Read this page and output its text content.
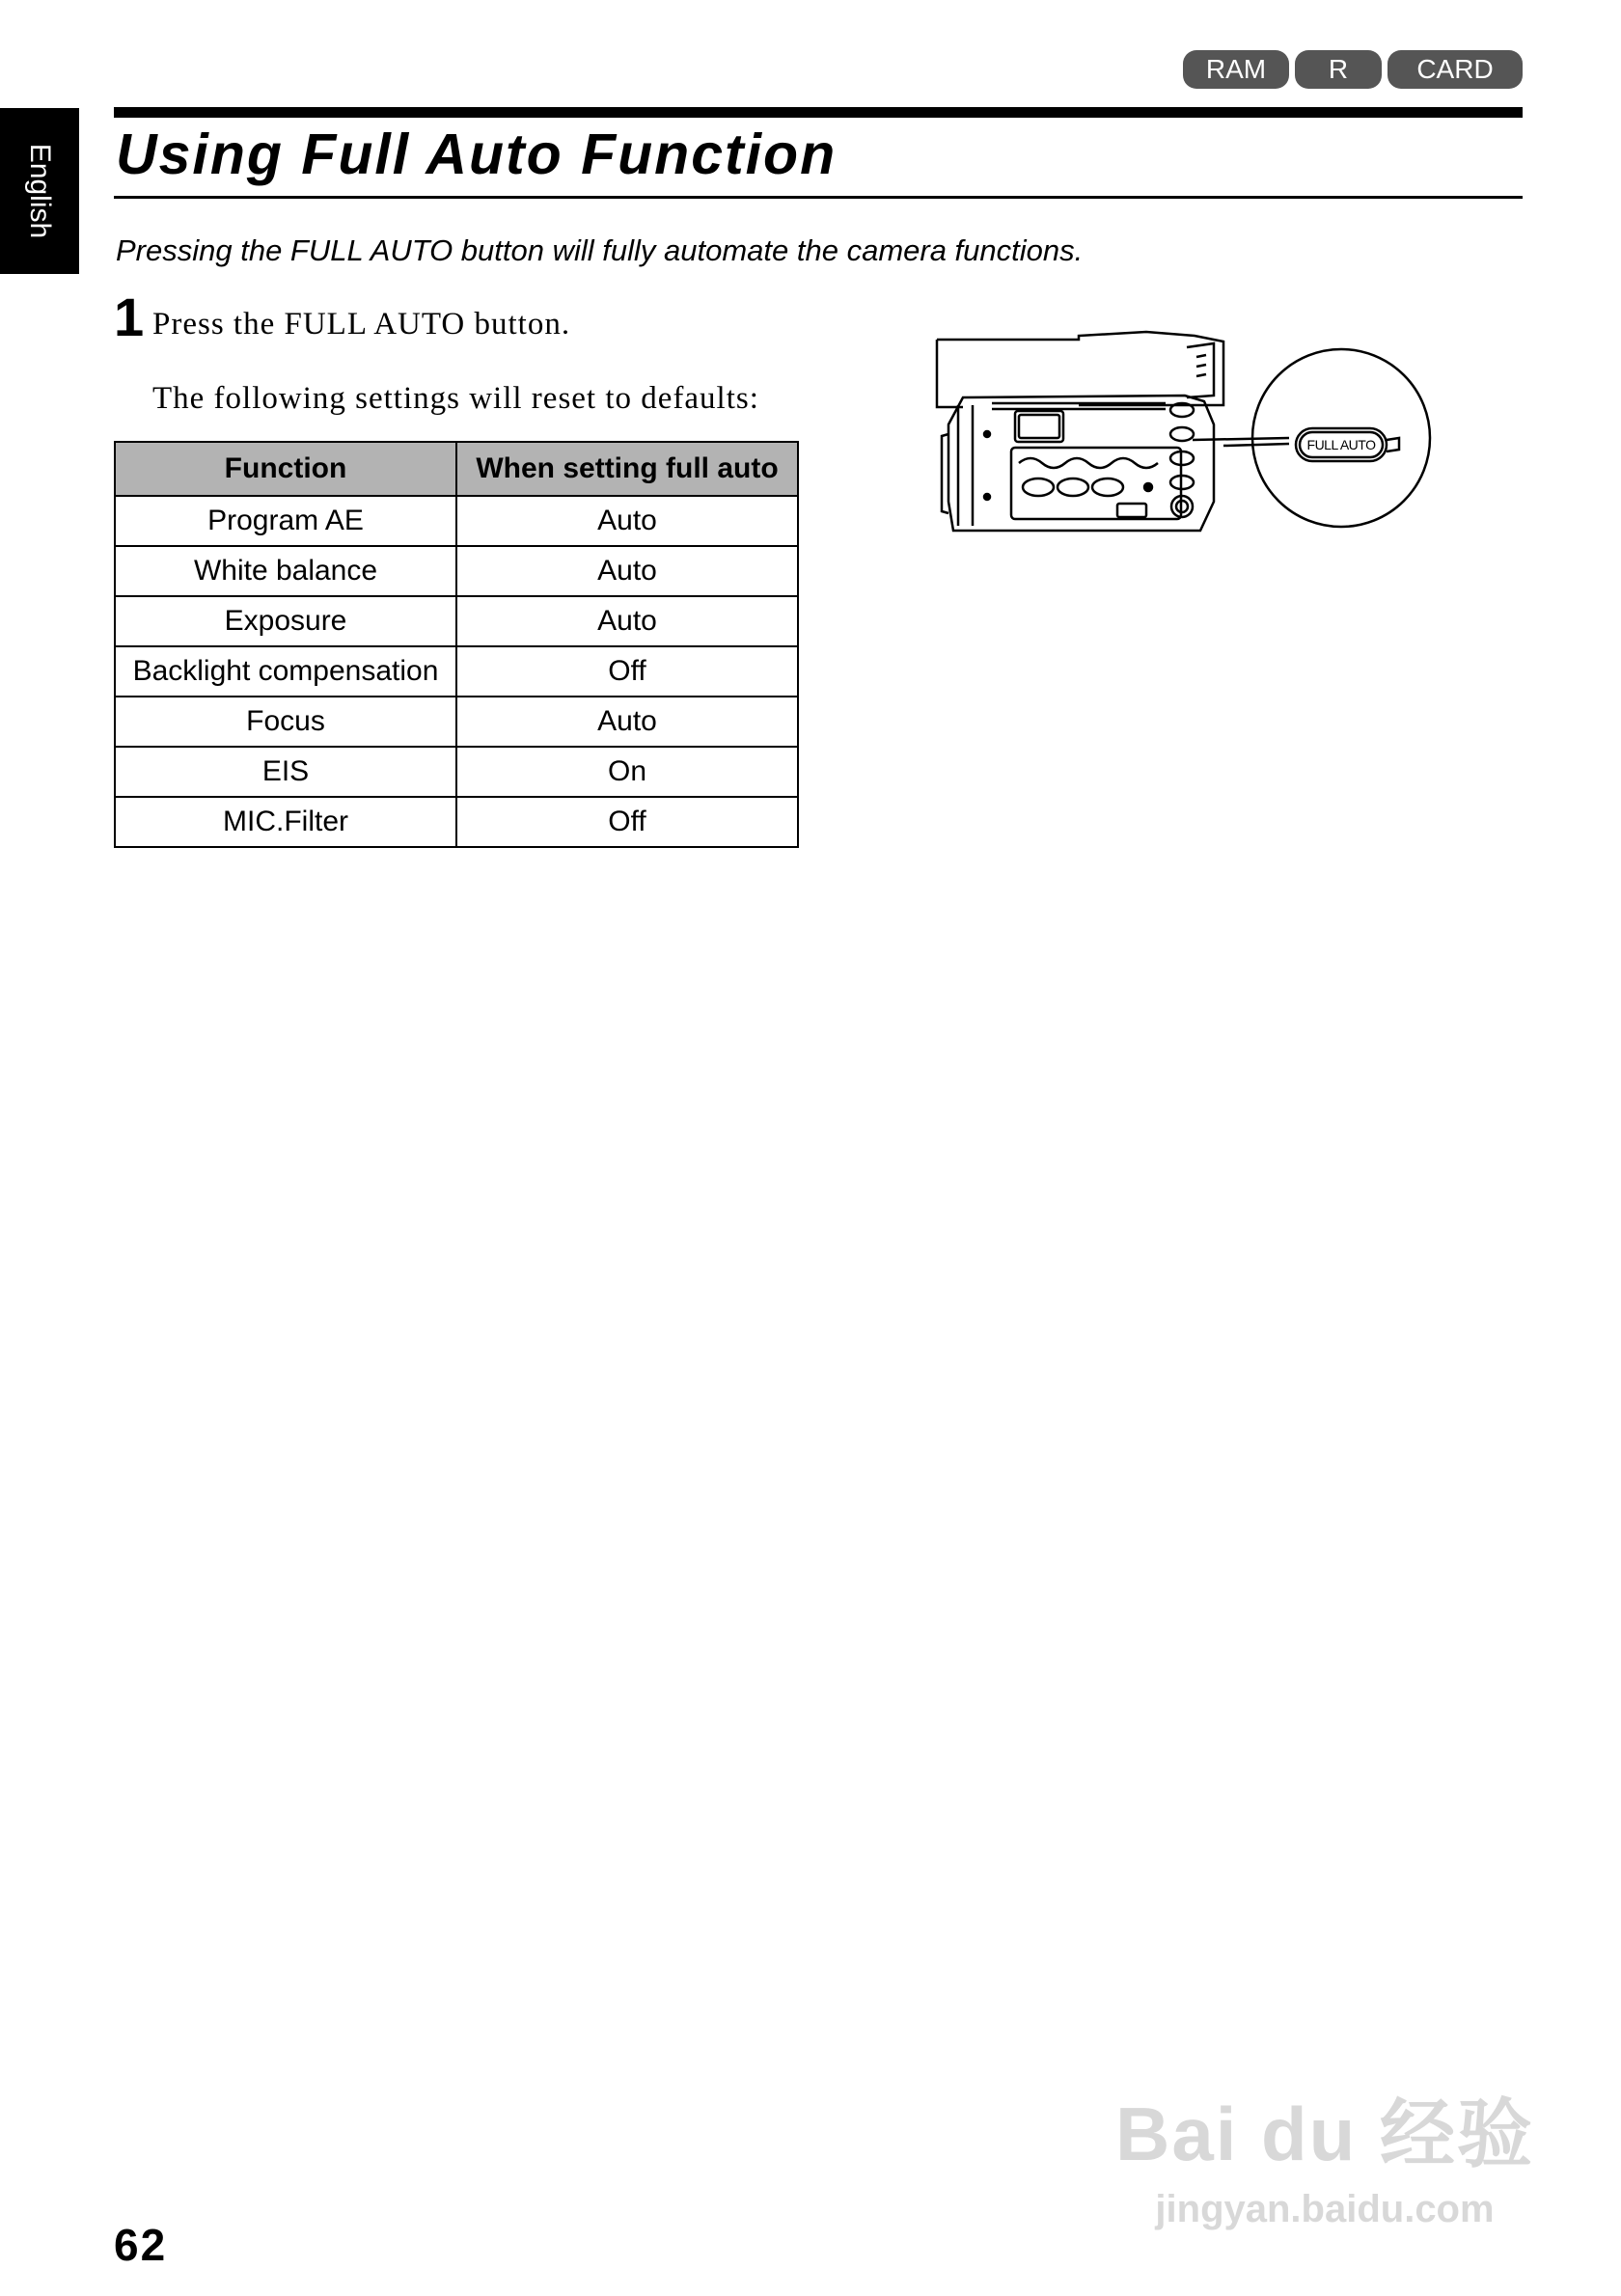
RAM	R	CARD
English Using Full Auto Function

Pressing the FULL AUTO button will fully automate the camera functions.

1 Press the FULL AUTO button.
The following settings will reset to defaults:
Function	When setting full auto
Program AE	Auto
White balance	Auto
Exposure	Auto
Backlight compensation	Off
Focus	Auto
EIS	On
MIC.Filter	Off
FULL AUTO
Bai du 经验
jingyan.baidu.com
62
